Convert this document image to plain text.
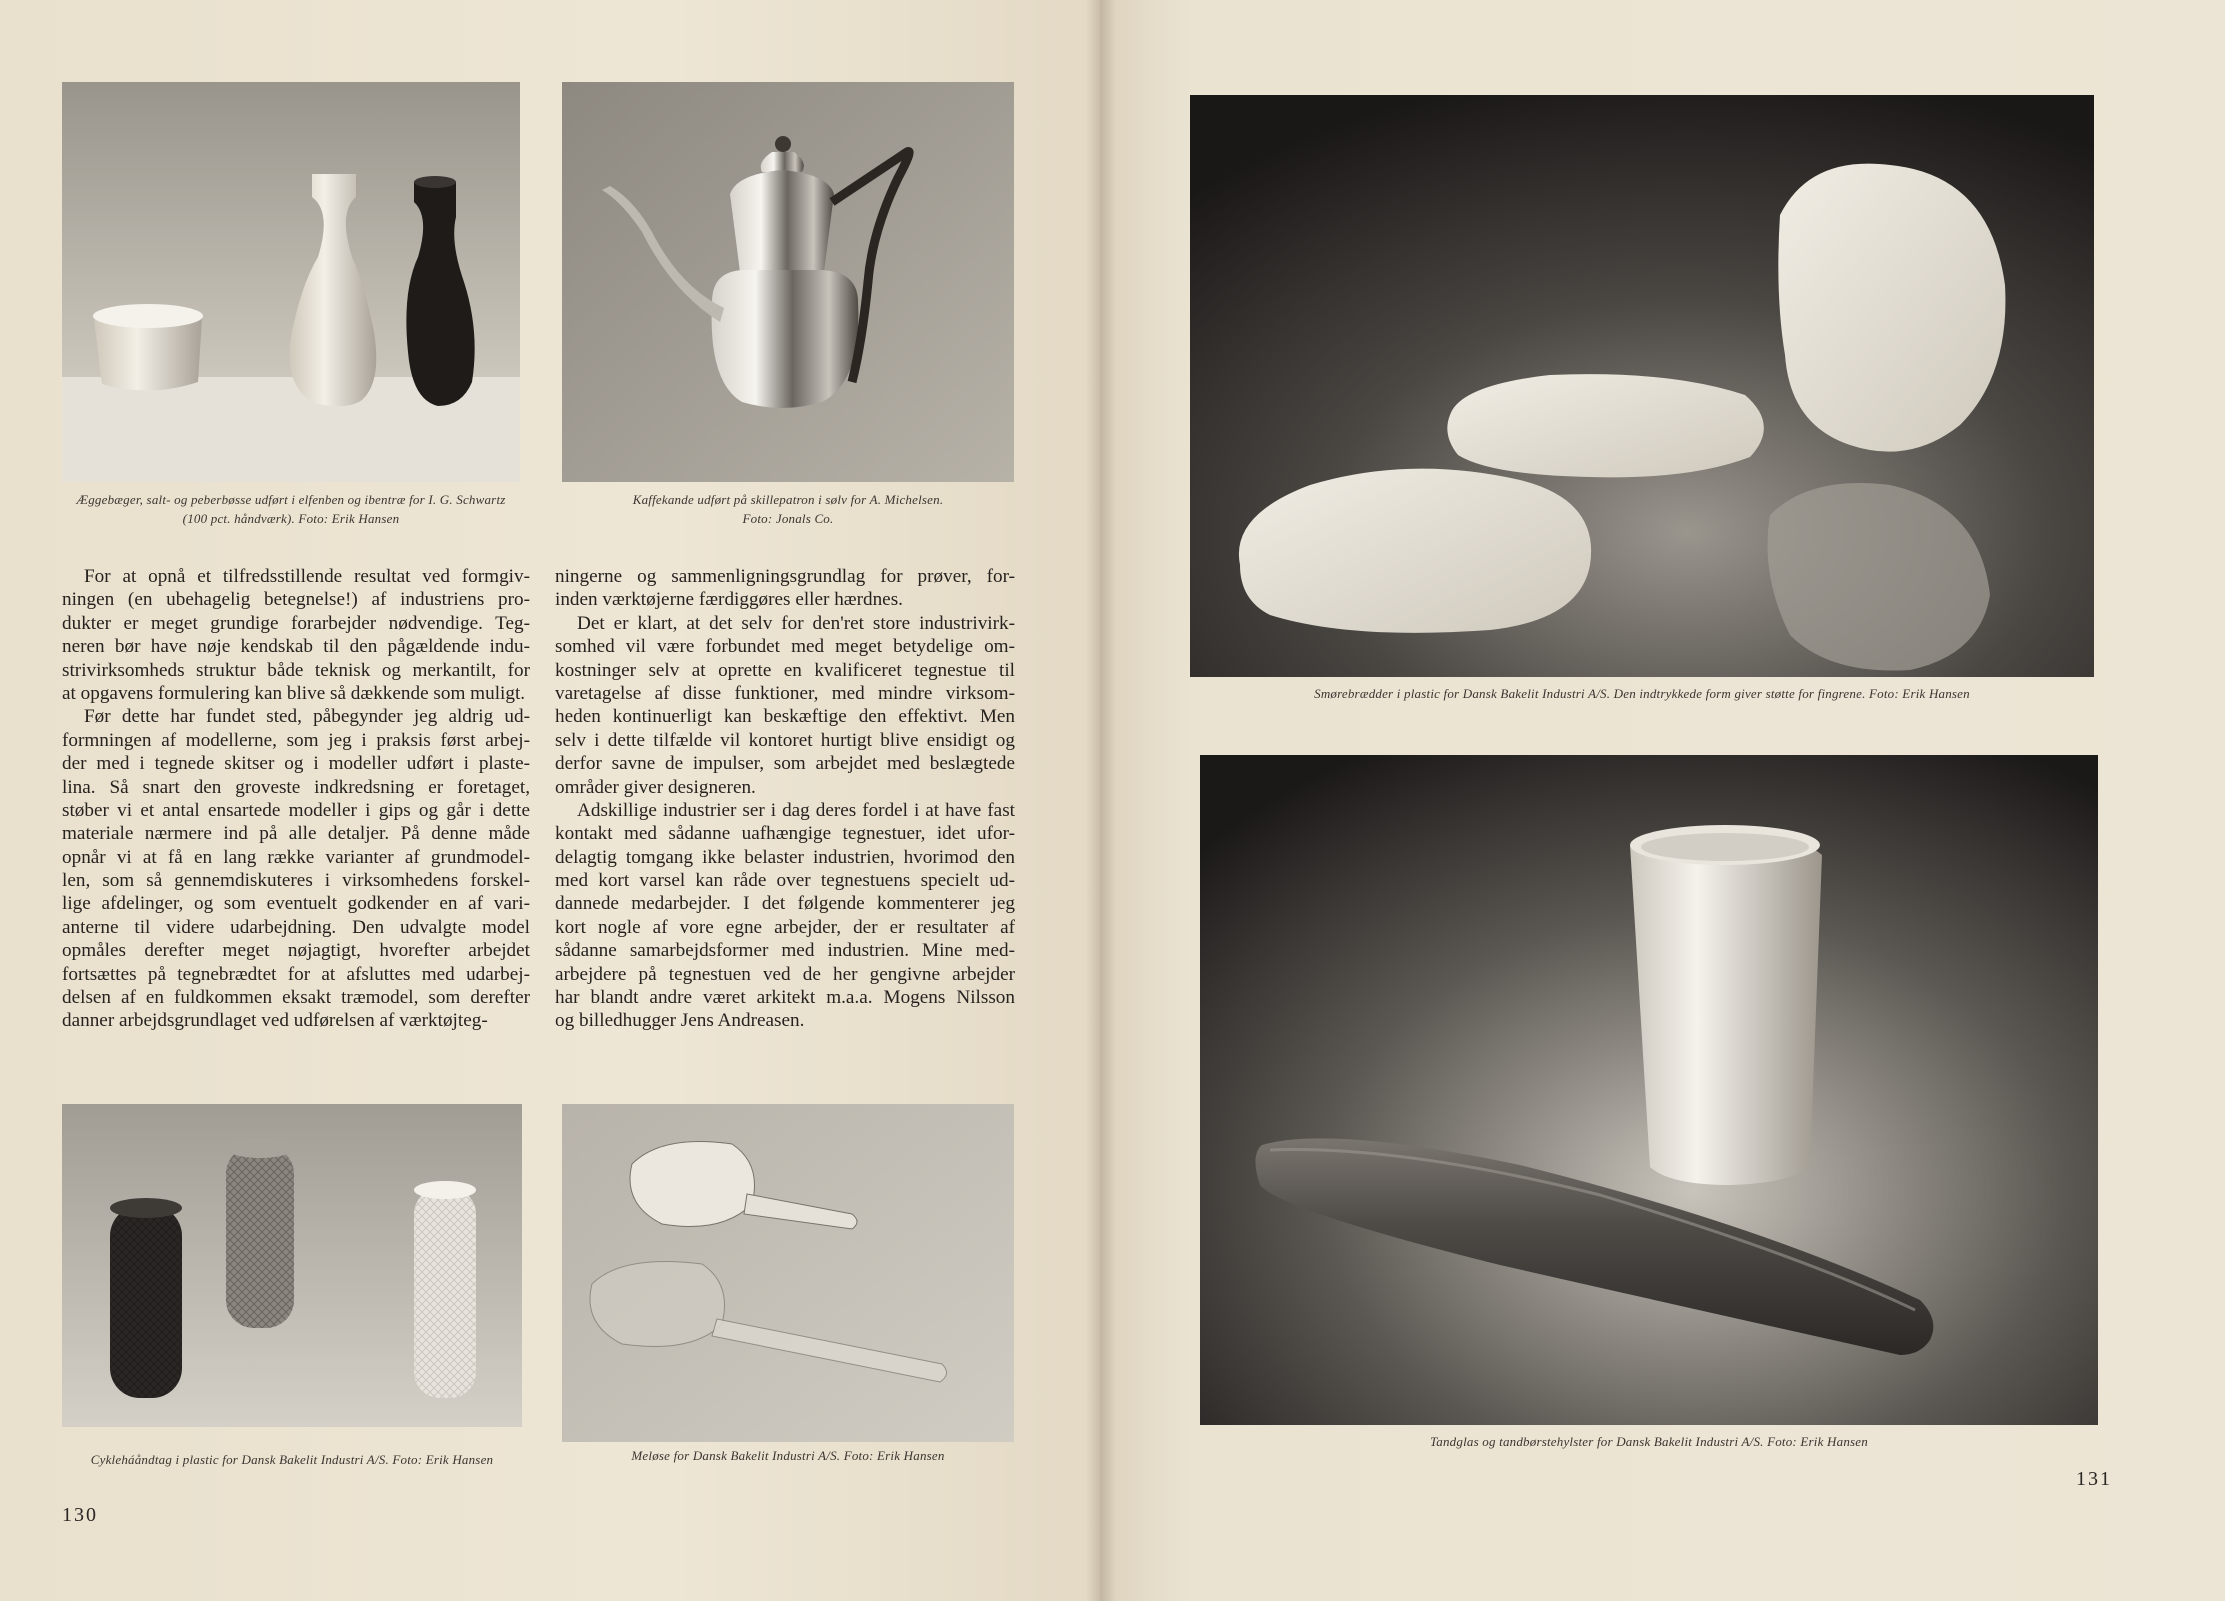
Æggebæger, salt- og peberbøsse udført i elfenben og ibentræ for I. G. Schwartz
(100 pct. håndværk). Foto: Erik Hansen
Kaffekande udført på skillepatron i sølv for A. Michelsen.
Foto: Jonals Co.
Cykleháåndtag i plastic for Dansk Bakelit Industri A/S. Foto: Erik Hansen	Meløse for Dansk Bakelit Industri A/S. Foto: Erik Hansen
For at opnå et tilfredsstillende resultat ved formgiv-
ningen (en ubehagelig betegnelse!) af industriens pro-
dukter er meget grundige forarbejder nødvendige. Teg-
neren bør have nøje kendskab til den pågældende indu-
strivirksomheds struktur både teknisk og merkantilt, for
at opgavens formulering kan blive så dækkende som muligt.
Før dette har fundet sted, påbegynder jeg aldrig ud-
formningen af modellerne, som jeg i praksis først arbej-
der med i tegnede skitser og i modeller udført i plaste-
lina. Så snart den groveste indkredsning er foretaget,
støber vi et antal ensartede modeller i gips og går i dette
materiale nærmere ind på alle detaljer. På denne måde
opnår vi at få en lang række varianter af grundmodel-
len, som så gennemdiskuteres i virksomhedens forskel-
lige afdelinger, og som eventuelt godkender en af vari-
anterne til videre udarbejdning. Den udvalgte model
opmåles derefter meget nøjagtigt, hvorefter arbejdet
fortsættes på tegnebrædtet for at afsluttes med udarbej-
delsen af en fuldkommen eksakt træmodel, som derefter
danner arbejdsgrundlaget ved udførelsen af værktøjteg-
ningerne og sammenligningsgrundlag for prøver, for-
inden værktøjerne færdiggøres eller hærdnes.
Det er klart, at det selv for den'ret store industrivirk-
somhed vil være forbundet med meget betydelige om-
kostninger selv at oprette en kvalificeret tegnestue til
varetagelse af disse funktioner, med mindre virksom-
heden kontinuerligt kan beskæftige den effektivt. Men
selv i dette tilfælde vil kontoret hurtigt blive ensidigt og
derfor savne de impulser, som arbejdet med beslægtede
områder giver designeren.
Adskillige industrier ser i dag deres fordel i at have fast
kontakt med sådanne uafhængige tegnestuer, idet ufor-
delagtig tomgang ikke belaster industrien, hvorimod den
med kort varsel kan råde over tegnestuens specielt ud-
dannede medarbejder. I det følgende kommenterer jeg
kort nogle af vore egne arbejder, der er resultater af
sådanne samarbejdsformer med industrien. Mine med-
arbejdere på tegnestuen ved de her gengivne arbejder
har blandt andre været arkitekt m.a.a. Mogens Nilsson
og billedhugger Jens Andreasen.
130
Smørebrædder i plastic for Dansk Bakelit Industri A/S. Den indtrykkede form giver støtte for fingrene. Foto: Erik Hansen
Tandglas og tandbørstehylster for Dansk Bakelit Industri A/S. Foto: Erik Hansen
131
